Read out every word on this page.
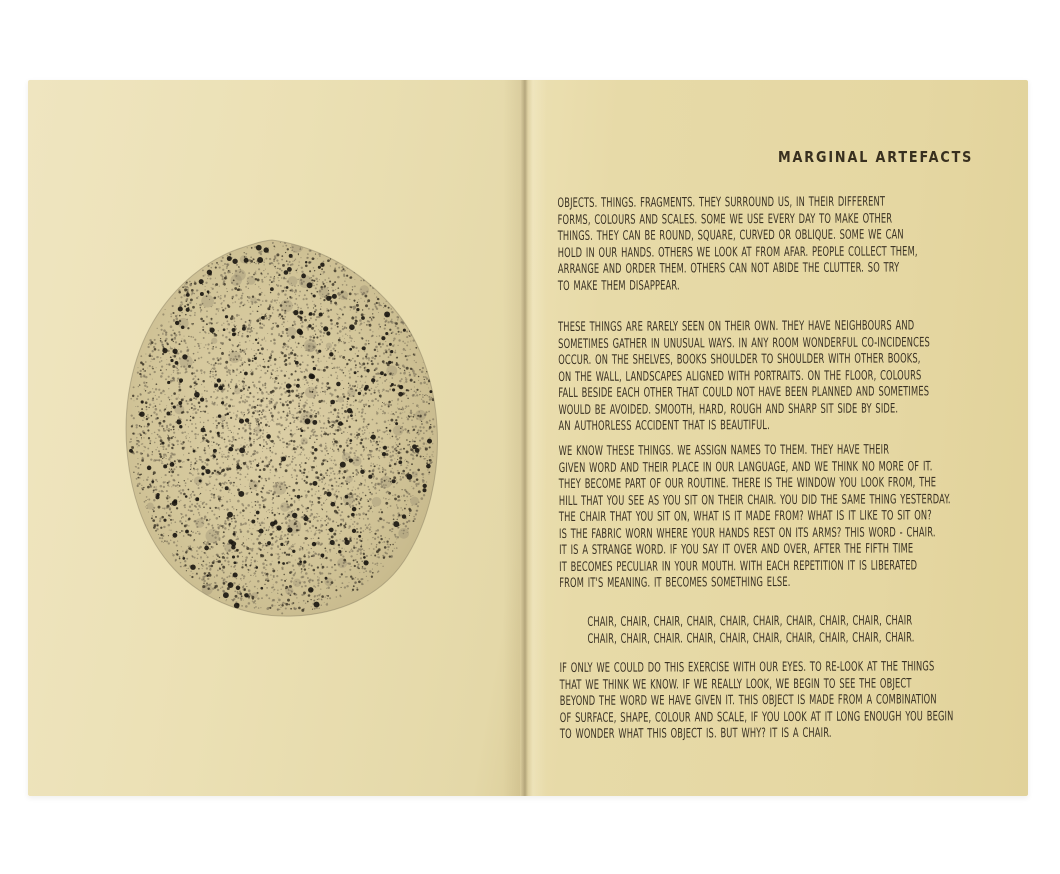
MARGINAL ARTEFACTS
OBJECTS. THINGS. FRAGMENTS. THEY SURROUND US, IN THEIR DIFFERENT
FORMS, COLOURS AND SCALES. SOME WE USE EVERY DAY TO MAKE OTHER
THINGS. THEY CAN BE ROUND, SQUARE, CURVED OR OBLIQUE. SOME WE CAN
HOLD IN OUR HANDS. OTHERS WE LOOK AT FROM AFAR. PEOPLE COLLECT THEM,
ARRANGE AND ORDER THEM. OTHERS CAN NOT ABIDE THE CLUTTER. SO TRY
TO MAKE THEM DISAPPEAR.
THESE THINGS ARE RARELY SEEN ON THEIR OWN. THEY HAVE NEIGHBOURS AND
SOMETIMES GATHER IN UNUSUAL WAYS. IN ANY ROOM WONDERFUL CO-INCIDENCES
OCCUR. ON THE SHELVES, BOOKS SHOULDER TO SHOULDER WITH OTHER BOOKS,
ON THE WALL, LANDSCAPES ALIGNED WITH PORTRAITS. ON THE FLOOR, COLOURS
FALL BESIDE EACH OTHER THAT COULD NOT HAVE BEEN PLANNED AND SOMETIMES
WOULD BE AVOIDED. SMOOTH, HARD, ROUGH AND SHARP SIT SIDE BY SIDE.
AN AUTHORLESS ACCIDENT THAT IS BEAUTIFUL.
WE KNOW THESE THINGS. WE ASSIGN NAMES TO THEM. THEY HAVE THEIR
GIVEN WORD AND THEIR PLACE IN OUR LANGUAGE, AND WE THINK NO MORE OF IT.
THEY BECOME PART OF OUR ROUTINE. THERE IS THE WINDOW YOU LOOK FROM, THE
HILL THAT YOU SEE AS YOU SIT ON THEIR CHAIR. YOU DID THE SAME THING YESTERDAY.
THE CHAIR THAT YOU SIT ON, WHAT IS IT MADE FROM? WHAT IS IT LIKE TO SIT ON?
IS THE FABRIC WORN WHERE YOUR HANDS REST ON ITS ARMS? THIS WORD - CHAIR.
IT IS A STRANGE WORD. IF YOU SAY IT OVER AND OVER, AFTER THE FIFTH TIME
IT BECOMES PECULIAR IN YOUR MOUTH. WITH EACH REPETITION IT IS LIBERATED
FROM IT'S MEANING. IT BECOMES SOMETHING ELSE.
CHAIR, CHAIR, CHAIR, CHAIR, CHAIR, CHAIR, CHAIR, CHAIR, CHAIR, CHAIR
CHAIR, CHAIR, CHAIR. CHAIR, CHAIR, CHAIR, CHAIR, CHAIR, CHAIR, CHAIR.
IF ONLY WE COULD DO THIS EXERCISE WITH OUR EYES. TO RE-LOOK AT THE THINGS
THAT WE THINK WE KNOW. IF WE REALLY LOOK, WE BEGIN TO SEE THE OBJECT
BEYOND THE WORD WE HAVE GIVEN IT. THIS OBJECT IS MADE FROM A COMBINATION
OF SURFACE, SHAPE, COLOUR AND SCALE, IF YOU LOOK AT IT LONG ENOUGH YOU BEGIN
TO WONDER WHAT THIS OBJECT IS. BUT WHY? IT IS A CHAIR.
